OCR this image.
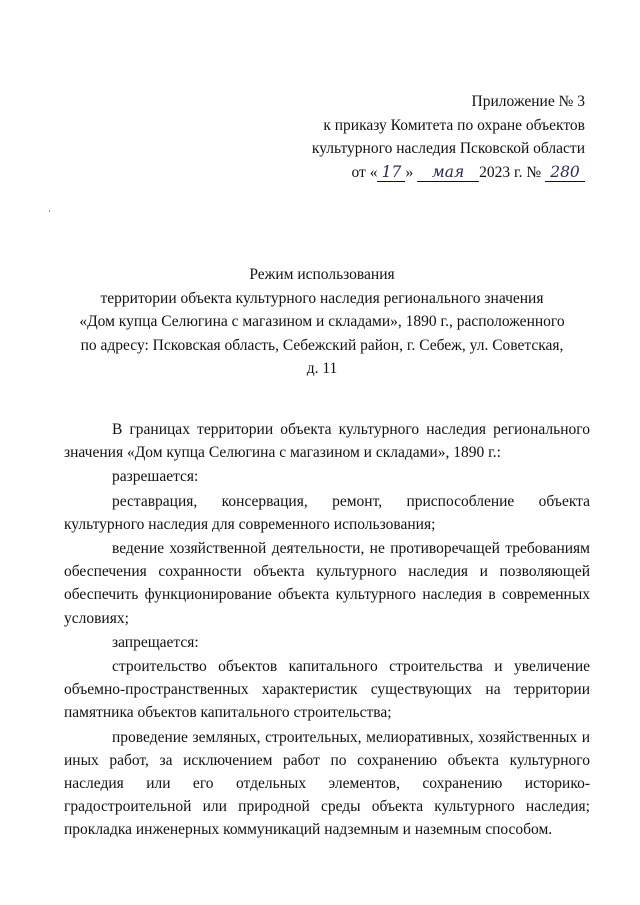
Приложение № 3
к приказу Комитета по охране объектов
культурного наследия Псковской области
от « 17 » мая 2023 г. № 280
Режим использования
территории объекта культурного наследия регионального значения
«Дом купца Селюгина с магазином и складами», 1890 г., расположенного
по адресу: Псковская область, Себежский район, г. Себеж, ул. Советская,
д. 11

В границах территории объекта культурного наследия регионального значения «Дом купца Селюгина с магазином и складами», 1890 г.:

разрешается:

реставрация, консервация, ремонт, приспособление объекта культурного наследия для современного использования;

ведение хозяйственной деятельности, не противоречащей требованиям обеспечения сохранности объекта культурного наследия и позволяющей обеспечить функционирование объекта культурного наследия в современных условиях;

запрещается:

строительство объектов капитального строительства и увеличение объемно-пространственных характеристик существующих на территории памятника объектов капитального строительства;

проведение земляных, строительных, мелиоративных, хозяйственных и иных работ, за исключением работ по сохранению объекта культурного наследия или его отдельных элементов, сохранению историко-градостроительной или природной среды объекта культурного наследия; прокладка инженерных коммуникаций надземным и наземным способом.
